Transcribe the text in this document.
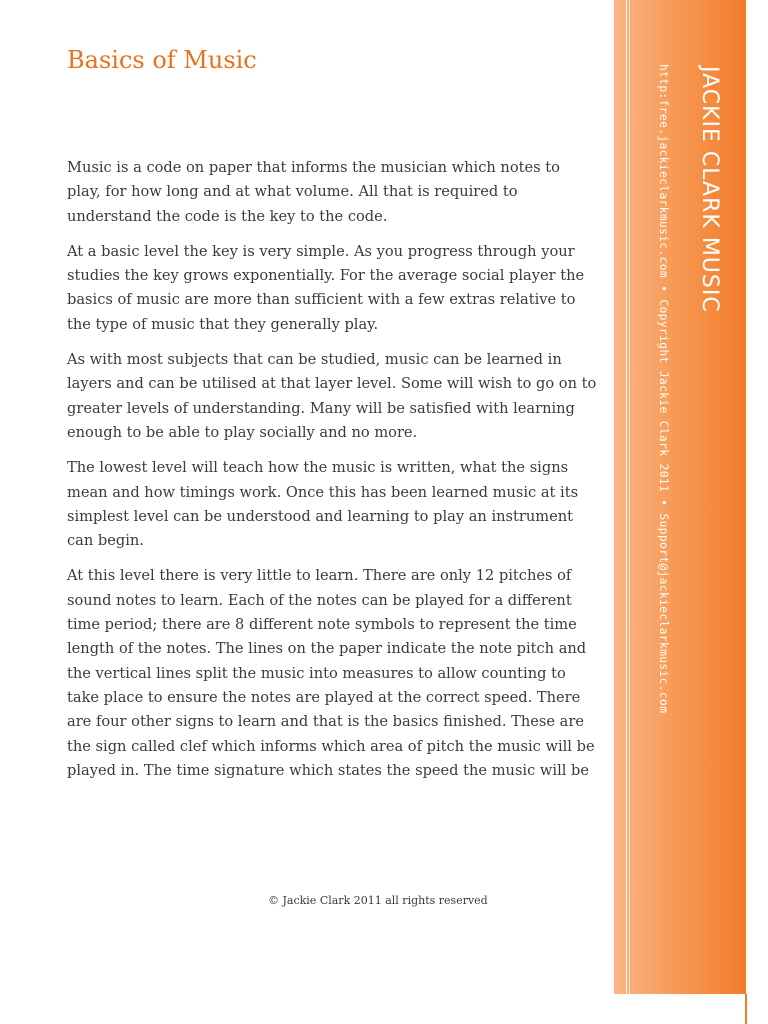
Basics of Music

Music is a code on paper that informs the musician which notes to play, for how long and at what volume. All that is required to understand the code is the key to the code.

At a basic level the key is very simple. As you progress through your studies the key grows exponentially. For the average social player the basics of music are more than sufficient with a few extras relative to the type of music that they generally play.

As with most subjects that can be studied, music can be learned in layers and can be utilised at that layer level. Some will wish to go on to greater levels of understanding. Many will be satisfied with learning enough to be able to play socially and no more.

The lowest level will teach how the music is written, what the signs mean and how timings work. Once this has been learned music at its simplest level can be understood and learning to play an instrument can begin.

At this level there is very little to learn. There are only 12 pitches of sound notes to learn. Each of the notes can be played for a different time period; there are 8 different note symbols to represent the time length of the notes. The lines on the paper indicate the note pitch and the vertical lines split the music into measures to allow counting to take place to ensure the notes are played at the correct speed. There are four other signs to learn and that is the basics finished. These are the sign called clef which informs which area of pitch the music will be played in. The time signature which states the speed the music will be

© Jackie Clark 2011 all rights reserved
JACKIE CLARK MUSIC
http:free.jackieclarkmusic.com • Copyright Jackie Clark 2011 • Support@jackieclarkmusic.com
